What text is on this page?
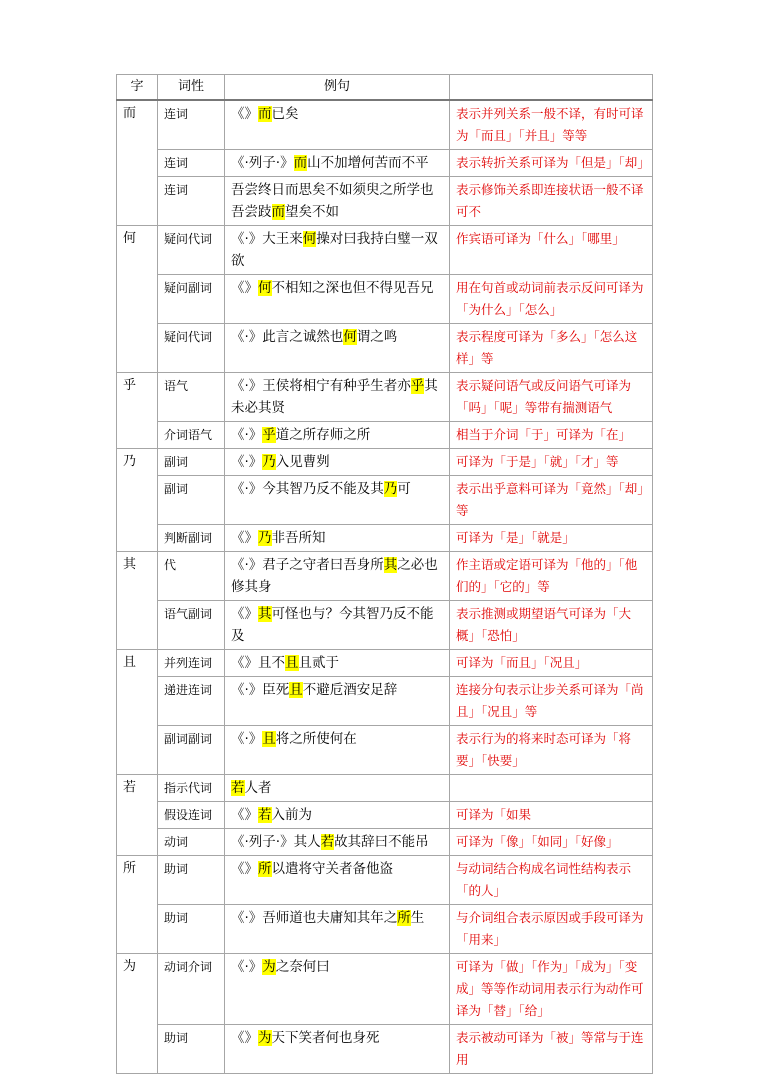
字	词性	例句	
而	连词	《》而已矣	表示并列关系一般不译，有时可译为「而且」「并且」等等
	连词	《·列子·》而山不加增何苦而不平	表示转折关系可译为「但是」「却」
	连词	吾尝终日而思矣不如须臾之所学也吾尝跂而望矣不如	表示修饰关系即连接状语一般不译可不
何	疑问代词	《·》大王来何操对曰我持白璧一双欲	作宾语可译为「什么」「哪里」
	疑问副词	《》何不相知之深也但不得见吾兄	用在句首或动词前表示反问可译为「为什么」「怎么」
	疑问代词	《·》此言之诚然也何谓之鸣	表示程度可译为「多么」「怎么这样」等
乎	语气	《·》王侯将相宁有种乎生者亦乎其未必其贤	表示疑问语气或反问语气可译为「吗」「呢」等带有揣测语气
	介词语气	《·》乎道之所存师之所	相当于介词「于」可译为「在」
乃	副词	《·》乃入见曹刿	可译为「于是」「就」「才」等
	副词	《·》今其智乃反不能及其乃可	表示出乎意料可译为「竟然」「却」等
	判断副词	《》乃非吾所知	可译为「是」「就是」
其	代	《·》君子之守者曰吾身所其之必也修其身	作主语或定语可译为「他的」「他们的」「它的」等
	语气副词	《》其可怪也与？今其智乃反不能及	表示推测或期望语气可译为「大概」「恐怕」
且	并列连词	《》且不且且贰于	可译为「而且」「况且」
	递进连词	《·》臣死且不避卮酒安足辞	连接分句表示让步关系可译为「尚且」「况且」等
	副词副词	《·》且将之所使何在	表示行为的将来时态可译为「将要」「快要」
若	指示代词	若人者	
	假设连词	《》若入前为	可译为「如果
	动词	《·列子·》其人若故其辞曰不能吊	可译为「像」「如同」「好像」
所	助词	《》所以遣将守关者备他盗	与动词结合构成名词性结构表示「的人」
	助词	《·》吾师道也夫庸知其年之所生	与介词组合表示原因或手段可译为「用来」
为	动词介词	《·》为之奈何曰	可译为「做」「作为」「成为」「变成」等等作动词用表示行为动作可译为「替」「给」
	助词	《》为天下笑者何也身死	表示被动可译为「被」等常与于连用
